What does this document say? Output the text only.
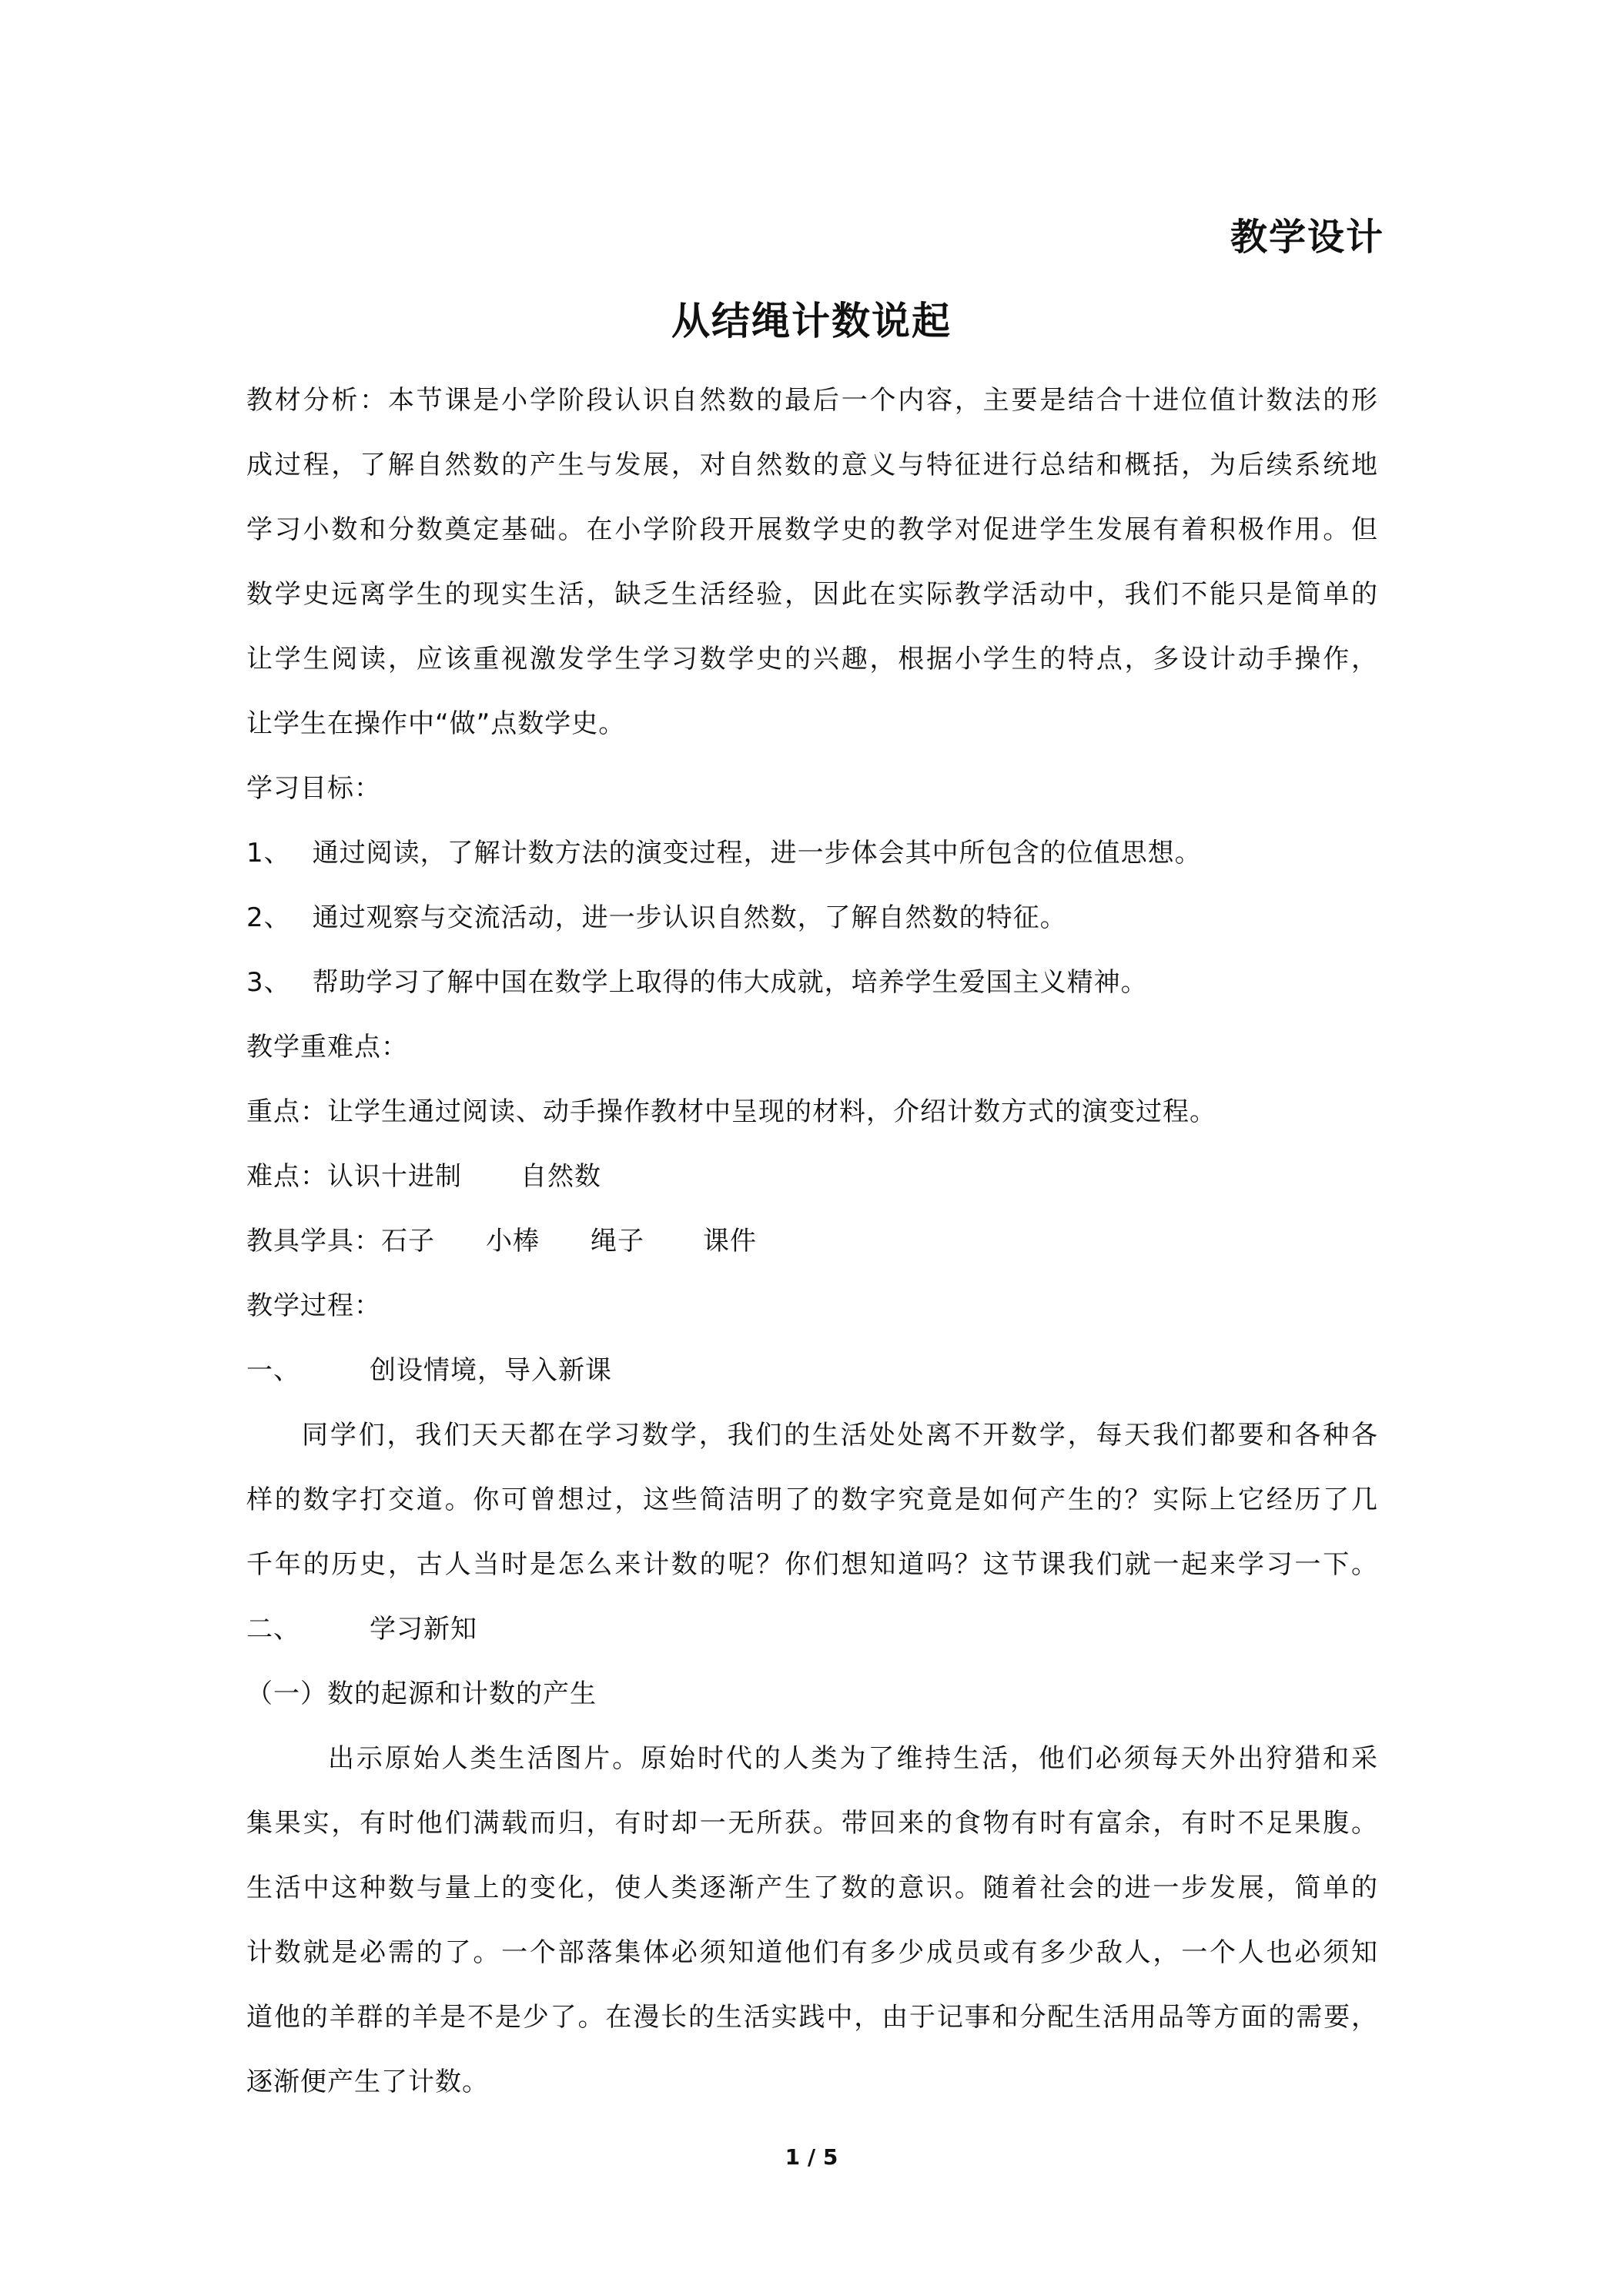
教学设计
从结绳计数说起
教材分析：本节课是小学阶段认识自然数的最后一个内容，主要是结合十进位值计数法的形
成过程，了解自然数的产生与发展，对自然数的意义与特征进行总结和概括，为后续系统地
学习小数和分数奠定基础。在小学阶段开展数学史的教学对促进学生发展有着积极作用。但
数学史远离学生的现实生活，缺乏生活经验，因此在实际教学活动中，我们不能只是简单的
让学生阅读，应该重视激发学生学习数学史的兴趣，根据小学生的特点，多设计动手操作，
让学生在操作中“做”点数学史。
学习目标：
1、 通过阅读，了解计数方法的演变过程，进一步体会其中所包含的位值思想。
2、 通过观察与交流活动，进一步认识自然数，了解自然数的特征。
3、 帮助学习了解中国在数学上取得的伟大成就，培养学生爱国主义精神。
教学重难点：
重点：让学生通过阅读、动手操作教材中呈现的材料，介绍计数方式的演变过程。
难点：认识十进制 自然数
教具学具：石子 小棒 绳子 课件
教学过程：
一、	创设情境，导入新课
同学们，我们天天都在学习数学，我们的生活处处离不开数学，每天我们都要和各种各
样的数字打交道。你可曾想过，这些简洁明了的数字究竟是如何产生的？实际上它经历了几
千年的历史，古人当时是怎么来计数的呢？你们想知道吗？这节课我们就一起来学习一下。
二、	学习新知
（一）数的起源和计数的产生
出示原始人类生活图片。原始时代的人类为了维持生活，他们必须每天外出狩猎和采
集果实，有时他们满载而归，有时却一无所获。带回来的食物有时有富余，有时不足果腹。
生活中这种数与量上的变化，使人类逐渐产生了数的意识。随着社会的进一步发展，简单的
计数就是必需的了。一个部落集体必须知道他们有多少成员或有多少敌人，一个人也必须知
道他的羊群的羊是不是少了。在漫长的生活实践中，由于记事和分配生活用品等方面的需要，
逐渐便产生了计数。
1 / 5
